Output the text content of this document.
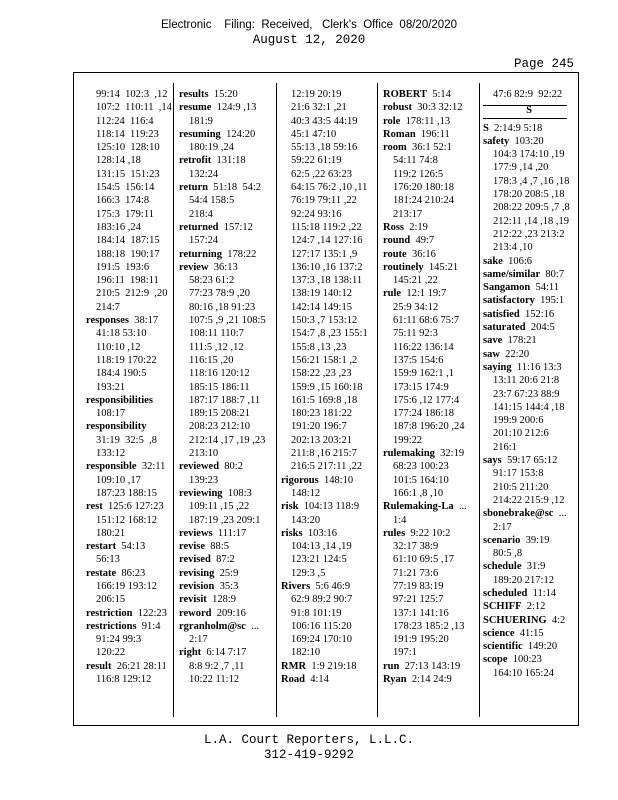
Electronic    Filing:  Received,   Clerk's  Office  08/20/2020
August 12, 2020
Page 245
99:14  102:3  ,12
107:2  110:11  ,14
112:24  116:4
118:14  119:23
125:10  128:10
128:14 ,18
131:15  151:23
154:5  156:14
166:3  174:8
175:3  179:11
183:16 ,24
184:14  187:15
188:18  190:17
191:5  193:6
196:11  198:11
210:5  212:9  ,20
214:7
responses  38:17
41:18 53:10
110:10 ,12
118:19 170:22
184:4 190:5
193:21
responsibilities
108:17
responsibility
31:19  32:5  ,8
133:12
responsible  32:11
109:10 ,17
187:23 188:15
rest  125:6 127:23
151:12 168:12
180:21
restart  54:13
56:13
restate  86:23
166:19 193:12
206:15
restriction  122:23
restrictions  91:4
91:24 99:3
120:22
result  26:21 28:11
116:8 129:12
results  15:20
resume  124:9 ,13
181:9
resuming  124:20
180:19 ,24
retrofit  131:18
132:24
return  51:18  54:2
54:4 158:5
218:4
returned  157:12
157:24
returning  178:22
review  36:13
58:23 61:2
77:23 78:9 ,20
80:16 ,18 91:23
107:5 ,9 ,21 108:5
108:11 110:7
111:5 ,12 ,12
116:15 ,20
118:16 120:12
185:15 186:11
187:17 188:7 ,11
189:15 208:21
208:23 212:10
212:14 ,17 ,19 ,23
213:10
reviewed  80:2
139:23
reviewing  108:3
109:11 ,15 ,22
187:19 ,23 209:1
reviews  111:17
revise  88:5
revised  87:2
revising  25:9
revision  35:3
revisit  128:9
reword  209:16
rgranholm@sc  ...
2:17
right  6:14 7:17
8:8 9:2 ,7 ,11
10:22 11:12
12:19 20:19
21:6 32:1 ,21
40:3 43:5 44:19
45:1 47:10
55:13 ,18 59:16
59:22 61:19
62:5 ,22 63:23
64:15 76:2 ,10 ,11
76:19 79:11 ,22
92:24 93:16
115:18 119:2 ,22
124:7 ,14 127:16
127:17 135:1 ,9
136:10 ,16 137:2
137:3 ,18 138:11
138:19 140:12
142:14 149:15
150:3 ,7 153:12
154:7 ,8 ,23 155:1
155:8 ,13 ,23
156:21 158:1 ,2
158:22 ,23 ,23
159:9 ,15 160:18
161:5 169:8 ,18
180:23 181:22
191:20 196:7
202:13 203:21
211:8 ,16 215:7
216:5 217:11 ,22
rigorous  148:10
148:12
risk  104:13 118:9
143:20
risks  103:16
104:13 ,14 ,19
123:21 124:5
129:3 ,5
Rivers  5:6 46:9
62:9 89:2 90:7
91:8 101:19
106:16 115:20
169:24 170:10
182:10
RMR  1:9 219:18
Road  4:14
ROBERT  5:14
robust  30:3 32:12
role  178:11 ,13
Roman  196:11
room  36:1 52:1
54:11 74:8
119:2 126:5
176:20 180:18
181:24 210:24
213:17
Ross  2:19
round  49:7
route  36:16
routinely  145:21
145:21 ,22
rule  12:1 19:7
25:9 34:12
61:11 68:6 75:7
75:11 92:3
116:22 136:14
137:5 154:6
159:9 162:1 ,1
173:15 174:9
175:6 ,12 177:4
177:24 186:18
187:8 196:20 ,24
199:22
rulemaking  32:19
68:23 100:23
101:5 164:10
166:1 ,8 ,10
Rulemaking-La  ...
1:4
rules  9:22 10:2
32:17 38:9
61:10 69:5 ,17
71:21 73:6
77:19 83:19
97:21 125:7
137:1 141:16
178:23 185:2 ,13
191:9 195:20
197:1
run  27:13 143:19
Ryan  2:14 24:9
47:6 82:9  92:22
S
S  2:14:9 5:18
safety  103:20
104:3 174:10 ,19
177:9 ,14 ,20
178:3 ,4 ,7 ,16 ,18
178:20 208:5 ,18
208:22 209:5 ,7 ,8
212:11 ,14 ,18 ,19
212:22 ,23 213:2
213:4 ,10
sake  106:6
same/similar  80:7
Sangamon  54:11
satisfactory  195:1
satisfied  152:16
saturated  204:5
save  178:21
saw  22:20
saying  11:16 13:3
13:11 20:6 21:8
23:7 67:23 88:9
141:15 144:4 ,18
199:9 200:6
201:10 212:6
216:1
says  59:17 65:12
91:17 153:8
210:5 211:20
214:22 215:9 ,12
sbonebrake@sc  ...
2:17
scenario  39:19
80:5 ,8
schedule  31:9
189:20 217:12
scheduled  11:14
SCHIFF  2:12
SCHUERING  4:2
science  41:15
scientific  149:20
scope  100:23
164:10 165:24
L.A. Court Reporters, L.L.C.
312-419-9292
